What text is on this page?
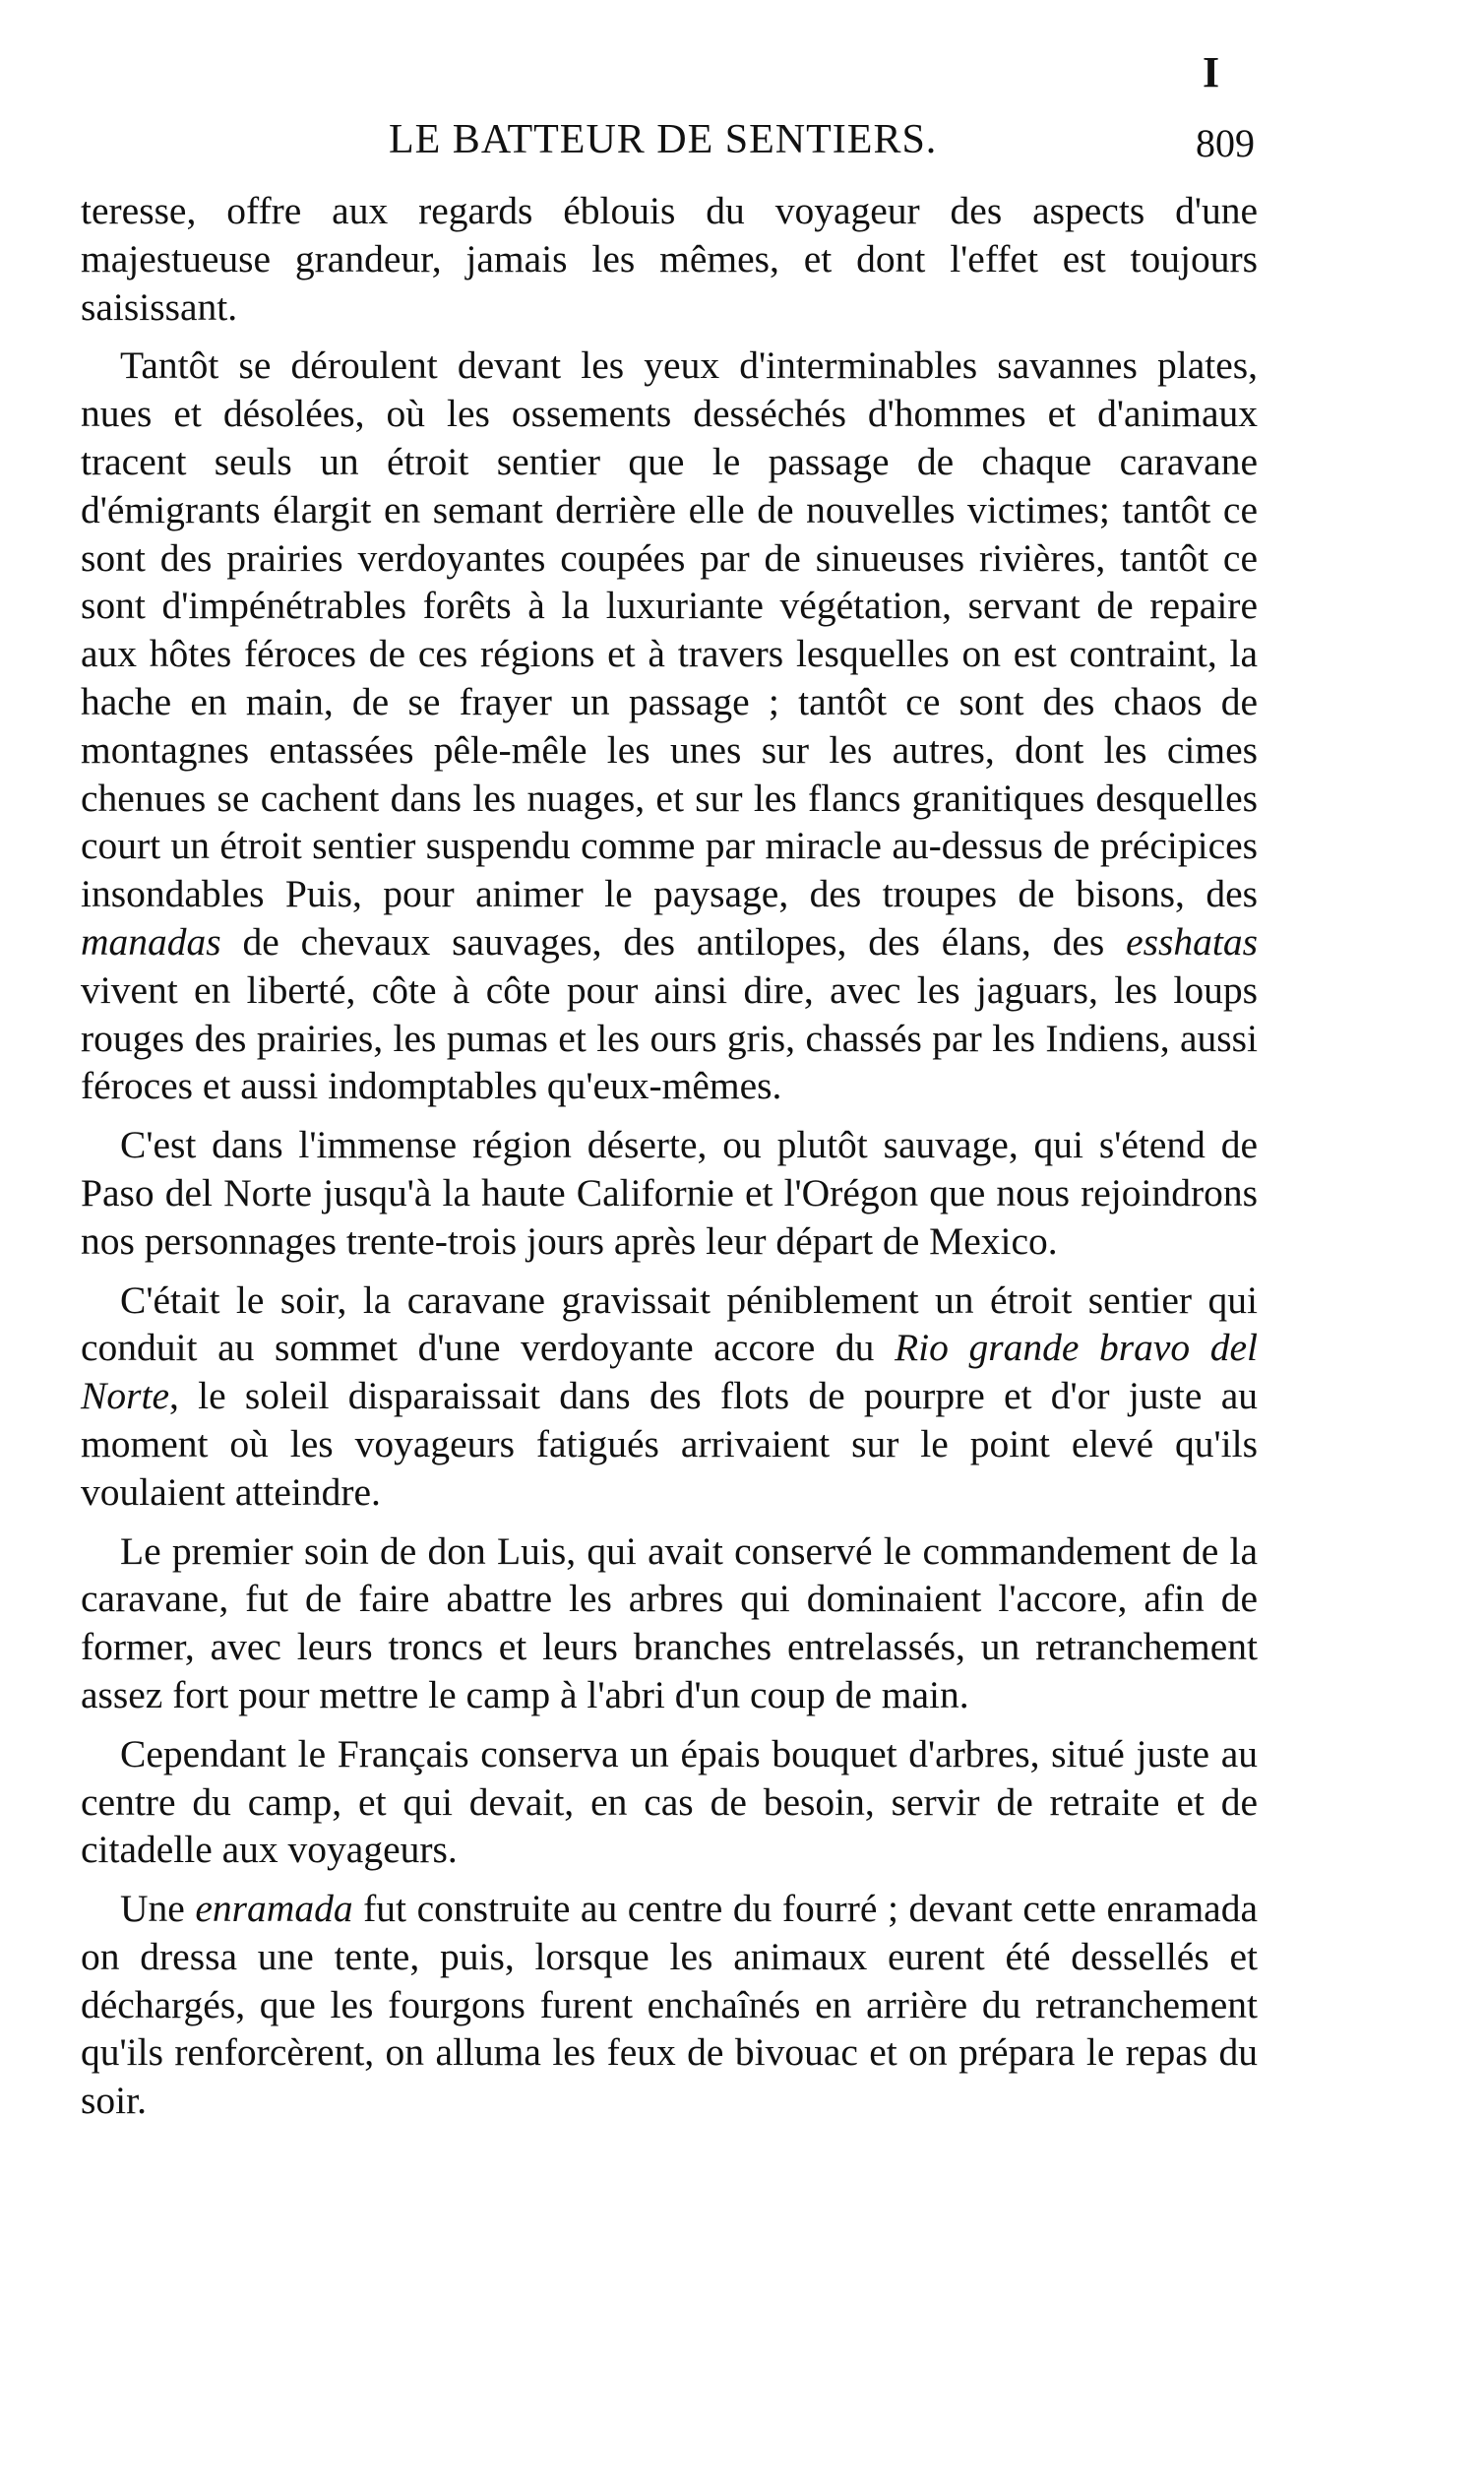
I
LE BATTEUR DE SENTIERS.	809

teresse, offre aux regards éblouis du voyageur des aspects d'une majestueuse grandeur, jamais les mêmes, et dont l'effet est toujours saisissant.

Tantôt se déroulent devant les yeux d'interminables savannes plates, nues et désolées, où les ossements desséchés d'hommes et d'animaux tracent seuls un étroit sentier que le passage de chaque caravane d'émigrants élargit en semant derrière elle de nouvelles victimes; tantôt ce sont des prairies verdoyantes coupées par de sinueuses rivières, tantôt ce sont d'impénétrables forêts à la luxuriante végétation, servant de repaire aux hôtes féroces de ces régions et à travers lesquelles on est contraint, la hache en main, de se frayer un passage ; tantôt ce sont des chaos de montagnes entassées pêle-mêle les unes sur les autres, dont les cimes chenues se cachent dans les nuages, et sur les flancs granitiques desquelles court un étroit sentier suspendu comme par miracle au-dessus de précipices insondables Puis, pour animer le paysage, des troupes de bisons, des manadas de chevaux sauvages, des antilopes, des élans, des esshatas vivent en liberté, côte à côte pour ainsi dire, avec les jaguars, les loups rouges des prairies, les pumas et les ours gris, chassés par les Indiens, aussi féroces et aussi indomptables qu'eux-mêmes.

C'est dans l'immense région déserte, ou plutôt sauvage, qui s'étend de Paso del Norte jusqu'à la haute Californie et l'Orégon que nous rejoindrons nos personnages trente-trois jours après leur départ de Mexico.

C'était le soir, la caravane gravissait péniblement un étroit sentier qui conduit au sommet d'une verdoyante accore du Rio grande bravo del Norte, le soleil disparaissait dans des flots de pourpre et d'or juste au moment où les voyageurs fatigués arrivaient sur le point elevé qu'ils voulaient atteindre.

Le premier soin de don Luis, qui avait conservé le commandement de la caravane, fut de faire abattre les arbres qui dominaient l'accore, afin de former, avec leurs troncs et leurs branches entrelassés, un retranchement assez fort pour mettre le camp à l'abri d'un coup de main.

Cependant le Français conserva un épais bouquet d'arbres, situé juste au centre du camp, et qui devait, en cas de besoin, servir de retraite et de citadelle aux voyageurs.

Une enramada fut construite au centre du fourré ; devant cette enramada on dressa une tente, puis, lorsque les animaux eurent été dessellés et déchargés, que les fourgons furent enchaînés en arrière du retranchement qu'ils renforcèrent, on alluma les feux de bivouac et on prépara le repas du soir.
